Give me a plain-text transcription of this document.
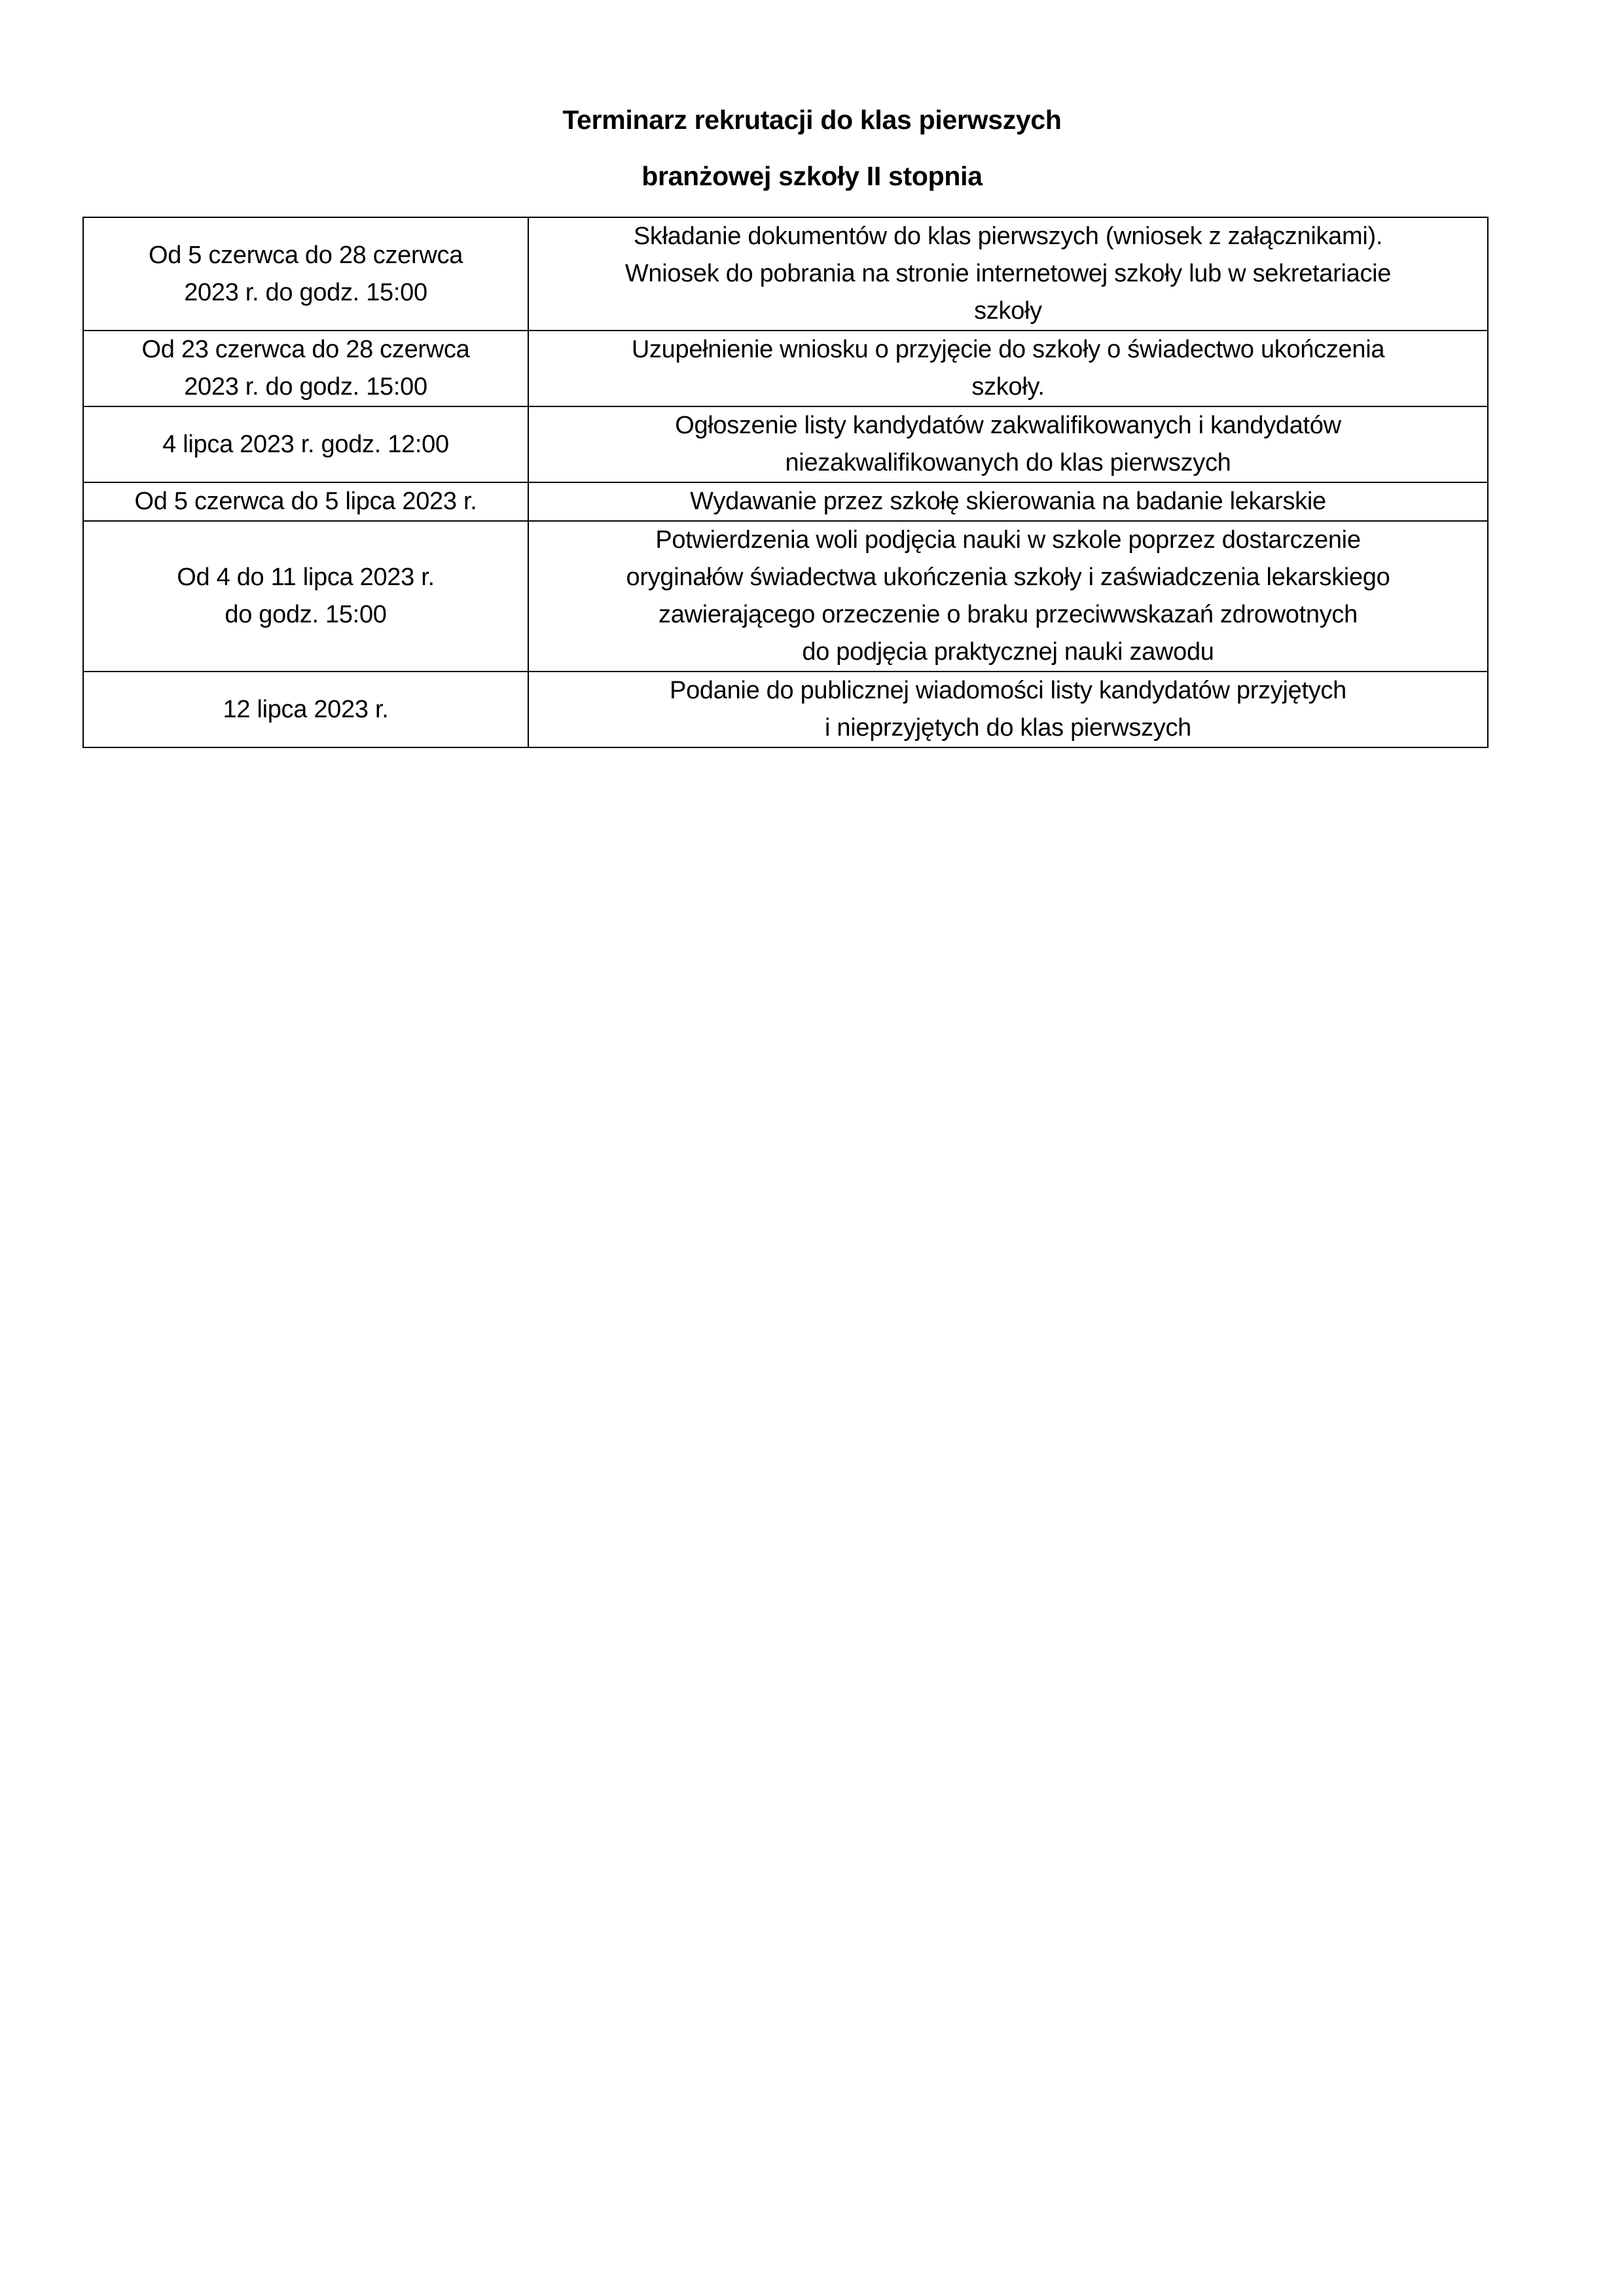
Terminarz rekrutacji do klas pierwszych
branżowej szkoły II stopnia
Od 5 czerwca do 28 czerwca
2023 r. do godz. 15:00	Składanie dokumentów do klas pierwszych (wniosek z załącznikami).
Wniosek do pobrania na stronie internetowej szkoły lub w sekretariacie
szkoły

Od 23 czerwca do 28 czerwca
2023 r. do godz. 15:00	Uzupełnienie wniosku o przyjęcie do szkoły o świadectwo ukończenia
szkoły.

4 lipca 2023 r. godz. 12:00	Ogłoszenie listy kandydatów zakwalifikowanych i kandydatów
niezakwalifikowanych do klas pierwszych

Od 5 czerwca do 5 lipca 2023 r.	Wydawanie przez szkołę skierowania na badanie lekarskie

Od 4 do 11 lipca 2023 r.
do godz. 15:00	Potwierdzenia woli podjęcia nauki w szkole poprzez dostarczenie
oryginałów świadectwa ukończenia szkoły i zaświadczenia lekarskiego
zawierającego orzeczenie o braku przeciwwskazań zdrowotnych
do podjęcia praktycznej nauki zawodu

12 lipca 2023 r.	Podanie do publicznej wiadomości listy kandydatów przyjętych
i nieprzyjętych do klas pierwszych
